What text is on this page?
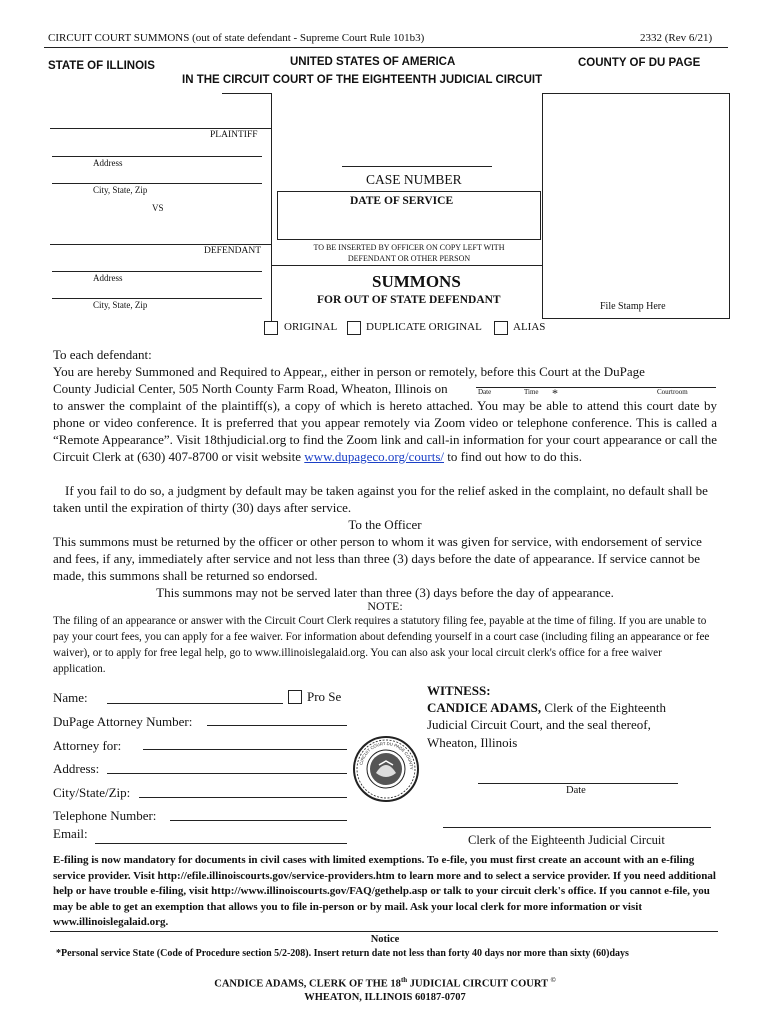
CIRCUIT COURT SUMMONS (out of state defendant - Supreme Court Rule 101b3)	2332 (Rev 6/21)
STATE OF ILLINOIS	UNITED STATES OF AMERICA	COUNTY OF DU PAGE
IN THE CIRCUIT COURT OF THE EIGHTEENTH JUDICIAL CIRCUIT
PLAINTIFF
Address
City, State, Zip
VS
DEFENDANT
Address
City, State, Zip
CASE NUMBER
DATE OF SERVICE
TO BE INSERTED BY OFFICER ON COPY LEFT WITH DEFENDANT OR OTHER PERSON
SUMMONS
FOR OUT OF STATE DEFENDANT
File Stamp Here
ORIGINAL	DUPLICATE ORIGINAL	ALIAS
To each defendant:
You are hereby Summoned and Required to Appear,, either in person or remotely, before this Court at the DuPage
County Judicial Center, 505 North County Farm Road, Wheaton, Illinois on	Date	Time *	Courtroom
to answer the complaint of the plaintiff(s), a copy of which is hereto attached. You may be able to attend this court date by phone or video conference. It is preferred that you appear remotely via Zoom video or telephone conference. This is called a “Remote Appearance”. Visit 18thjudicial.org to find the Zoom link and call-in information for your court appearance or call the Circuit Clerk at (630) 407-8700 or visit website www.dupageco.org/courts/ to find out how to do this.
If you fail to do so, a judgment by default may be taken against you for the relief asked in the complaint, no default shall be taken until the expiration of thirty (30) days after service.
To the Officer
This summons must be returned by the officer or other person to whom it was given for service, with endorsement of service and fees, if any, immediately after service and not less than three (3) days before the date of appearance. If service cannot be made, this summons shall be returned so endorsed.
This summons may not be served later than three (3) days before the day of appearance.
NOTE:
The filing of an appearance or answer with the Circuit Court Clerk requires a statutory filing fee, payable at the time of filing. If you are unable to pay your court fees, you can apply for a fee waiver. For information about defending yourself in a court case (including filing an appearance or fee waiver), or to apply for free legal help, go to www.illinoislegalaid.org. You can also ask your local circuit clerk's office for a free waiver application.
Name:	Pro Se
DuPage Attorney Number:
Attorney for:
Address:
City/State/Zip:
Telephone Number:
Email:
CIRCUIT COURT DU PAGE COUNTY
WITNESS:
CANDICE ADAMS, Clerk of the Eighteenth
Judicial Circuit Court, and the seal thereof,
Wheaton, Illinois
Date
Clerk of the Eighteenth Judicial Circuit
E-filing is now mandatory for documents in civil cases with limited exemptions. To e-file, you must first create an account with an e-filing service provider. Visit http://efile.illinoiscourts.gov/service-providers.htm to learn more and to select a service provider. If you need additional help or have trouble e-filing, visit http://www.illinoiscourts.gov/FAQ/gethelp.asp or talk to your circuit clerk's office. If you cannot e-file, you may be able to get an exemption that allows you to file in-person or by mail. Ask your local clerk for more information or visit www.illinoislegalaid.org.
Notice
*Personal service State (Code of Procedure section 5/2-208). Insert return date not less than forty 40 days nor more than sixty (60)days
CANDICE ADAMS, CLERK OF THE 18th JUDICIAL CIRCUIT COURT ©
WHEATON, ILLINOIS 60187-0707
